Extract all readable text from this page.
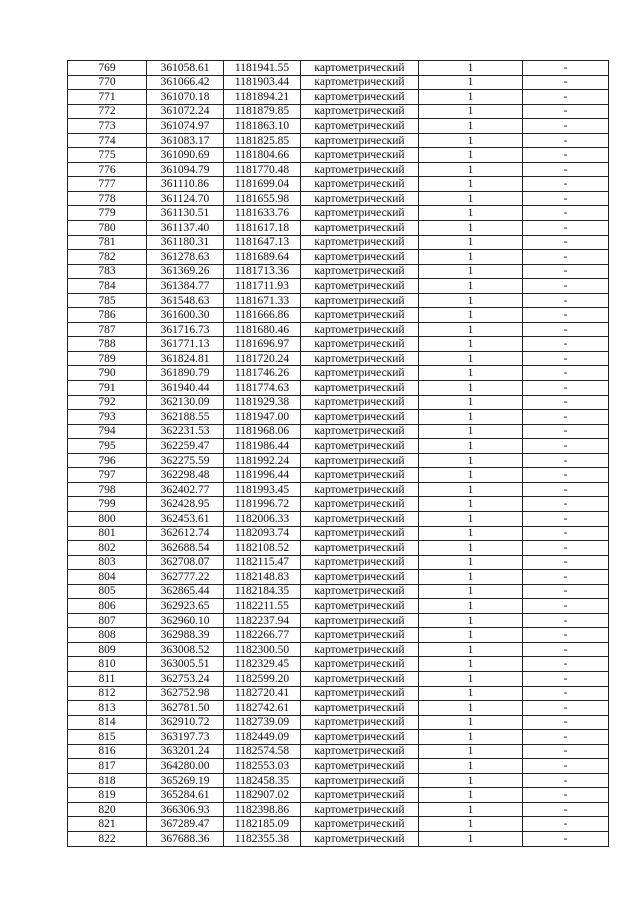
769	361058.61	1181941.55	картометрический	1	-
770	361066.42	1181903.44	картометрический	1	-
771	361070.18	1181894.21	картометрический	1	-
772	361072.24	1181879.85	картометрический	1	-
773	361074.97	1181863.10	картометрический	1	-
774	361083.17	1181825.85	картометрический	1	-
775	361090.69	1181804.66	картометрический	1	-
776	361094.79	1181770.48	картометрический	1	-
777	361110.86	1181699.04	картометрический	1	-
778	361124.70	1181655.98	картометрический	1	-
779	361130.51	1181633.76	картометрический	1	-
780	361137.40	1181617.18	картометрический	1	-
781	361180.31	1181647.13	картометрический	1	-
782	361278.63	1181689.64	картометрический	1	-
783	361369.26	1181713.36	картометрический	1	-
784	361384.77	1181711.93	картометрический	1	-
785	361548.63	1181671.33	картометрический	1	-
786	361600.30	1181666.86	картометрический	1	-
787	361716.73	1181680.46	картометрический	1	-
788	361771.13	1181696.97	картометрический	1	-
789	361824.81	1181720.24	картометрический	1	-
790	361890.79	1181746.26	картометрический	1	-
791	361940.44	1181774.63	картометрический	1	-
792	362130.09	1181929.38	картометрический	1	-
793	362188.55	1181947.00	картометрический	1	-
794	362231.53	1181968.06	картометрический	1	-
795	362259.47	1181986.44	картометрический	1	-
796	362275.59	1181992.24	картометрический	1	-
797	362298.48	1181996.44	картометрический	1	-
798	362402.77	1181993.45	картометрический	1	-
799	362428.95	1181996.72	картометрический	1	-
800	362453.61	1182006.33	картометрический	1	-
801	362612.74	1182093.74	картометрический	1	-
802	362688.54	1182108.52	картометрический	1	-
803	362708.07	1182115.47	картометрический	1	-
804	362777.22	1182148.83	картометрический	1	-
805	362865.44	1182184.35	картометрический	1	-
806	362923.65	1182211.55	картометрический	1	-
807	362960.10	1182237.94	картометрический	1	-
808	362988.39	1182266.77	картометрический	1	-
809	363008.52	1182300.50	картометрический	1	-
810	363005.51	1182329.45	картометрический	1	-
811	362753.24	1182599.20	картометрический	1	-
812	362752.98	1182720.41	картометрический	1	-
813	362781.50	1182742.61	картометрический	1	-
814	362910.72	1182739.09	картометрический	1	-
815	363197.73	1182449.09	картометрический	1	-
816	363201.24	1182574.58	картометрический	1	-
817	364280.00	1182553.03	картометрический	1	-
818	365269.19	1182458.35	картометрический	1	-
819	365284.61	1182907.02	картометрический	1	-
820	366306.93	1182398.86	картометрический	1	-
821	367289.47	1182185.09	картометрический	1	-
822	367688.36	1182355.38	картометрический	1	-
